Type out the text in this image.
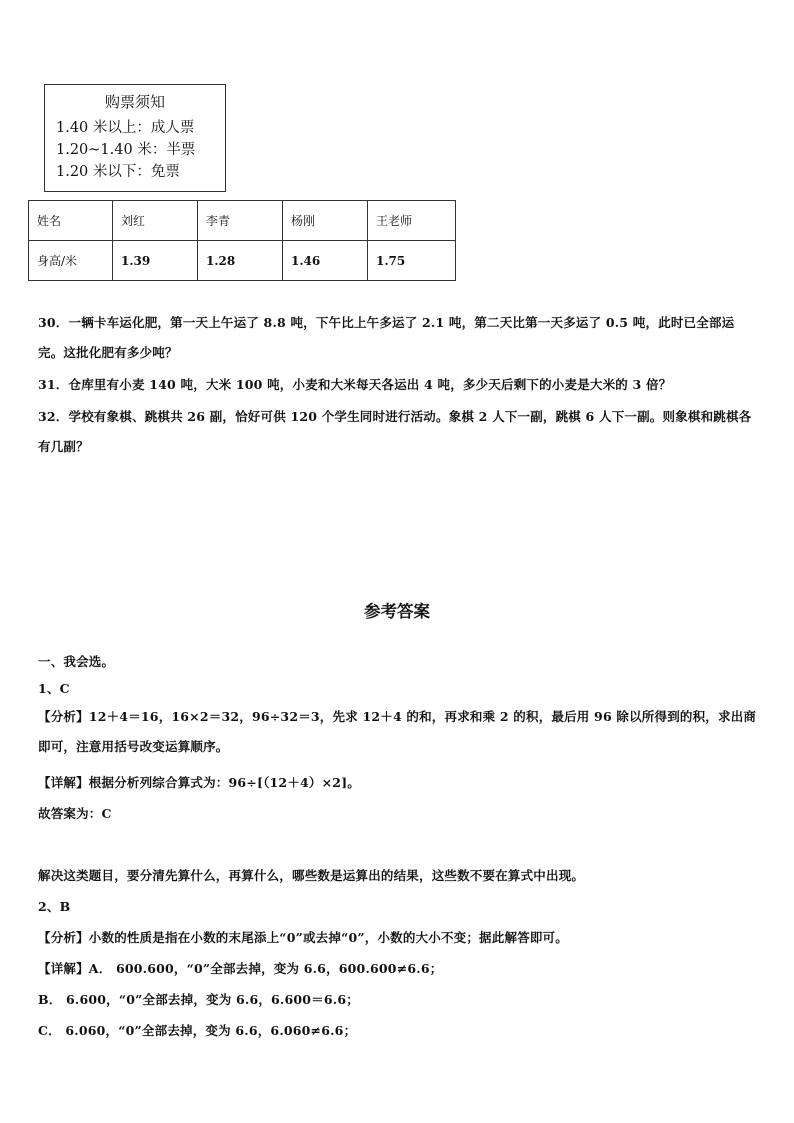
购票须知
1.40 米以上：成人票
1.20~1.40 米：半票
1.20 米以下：免票
姓名	刘红	李青	杨刚	王老师
身高/米	1.39	1.28	1.46	1.75
30．一辆卡车运化肥，第一天上午运了 8.8 吨，下午比上午多运了 2.1 吨，第二天比第一天多运了 0.5 吨，此时已全部运完。这批化肥有多少吨？
31．仓库里有小麦 140 吨，大米 100 吨，小麦和大米每天各运出 4 吨，多少天后剩下的小麦是大米的 3 倍？
32．学校有象棋、跳棋共 26 副，恰好可供 120 个学生同时进行活动。象棋 2 人下一副，跳棋 6 人下一副。则象棋和跳棋各有几副？
参考答案
一、我会选。
1、C
【分析】12＋4＝16，16×2＝32，96÷32＝3，先求 12＋4 的和，再求和乘 2 的积，最后用 96 除以所得到的积，求出商即可，注意用括号改变运算顺序。
【详解】根据分析列综合算式为：96÷[（12＋4）×2]。
故答案为：C
解决这类题目，要分清先算什么，再算什么，哪些数是运算出的结果，这些数不要在算式中出现。
2、B
【分析】小数的性质是指在小数的末尾添上“0”或去掉“0”，小数的大小不变；据此解答即可。
【详解】A． 600.600，“0”全部去掉，变为 6.6，600.600≠6.6；
B． 6.600，“0”全部去掉，变为 6.6，6.600＝6.6；
C． 6.060，“0”全部去掉，变为 6.6，6.060≠6.6；
